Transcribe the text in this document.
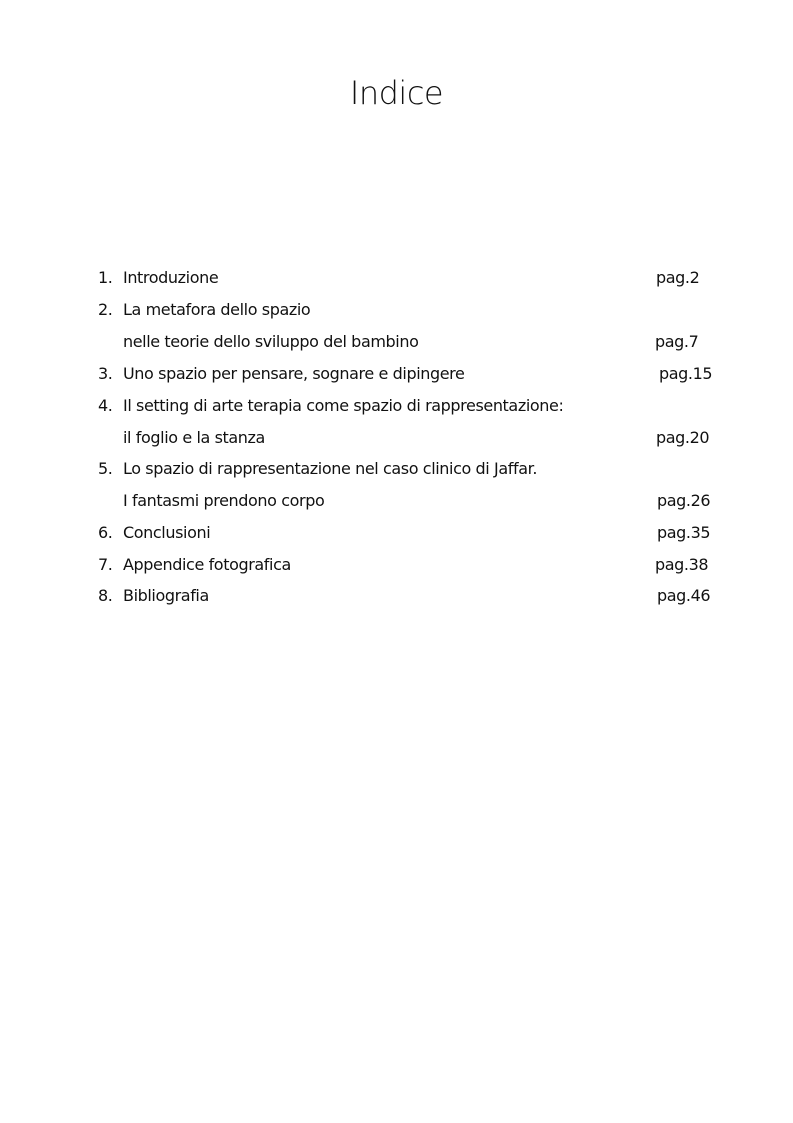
Indice
1. Introduzione	pag.2
2. La metafora dello spazio
nelle teorie dello sviluppo del bambino	pag.7
3. Uno spazio per pensare, sognare e dipingere	pag.15
4. Il setting di arte terapia come spazio di rappresentazione:
il foglio e la stanza	pag.20
5. Lo spazio di rappresentazione nel caso clinico di Jaffar.
I fantasmi prendono corpo	pag.26
6. Conclusioni	pag.35
7. Appendice fotografica	pag.38
8. Bibliografia	pag.46
